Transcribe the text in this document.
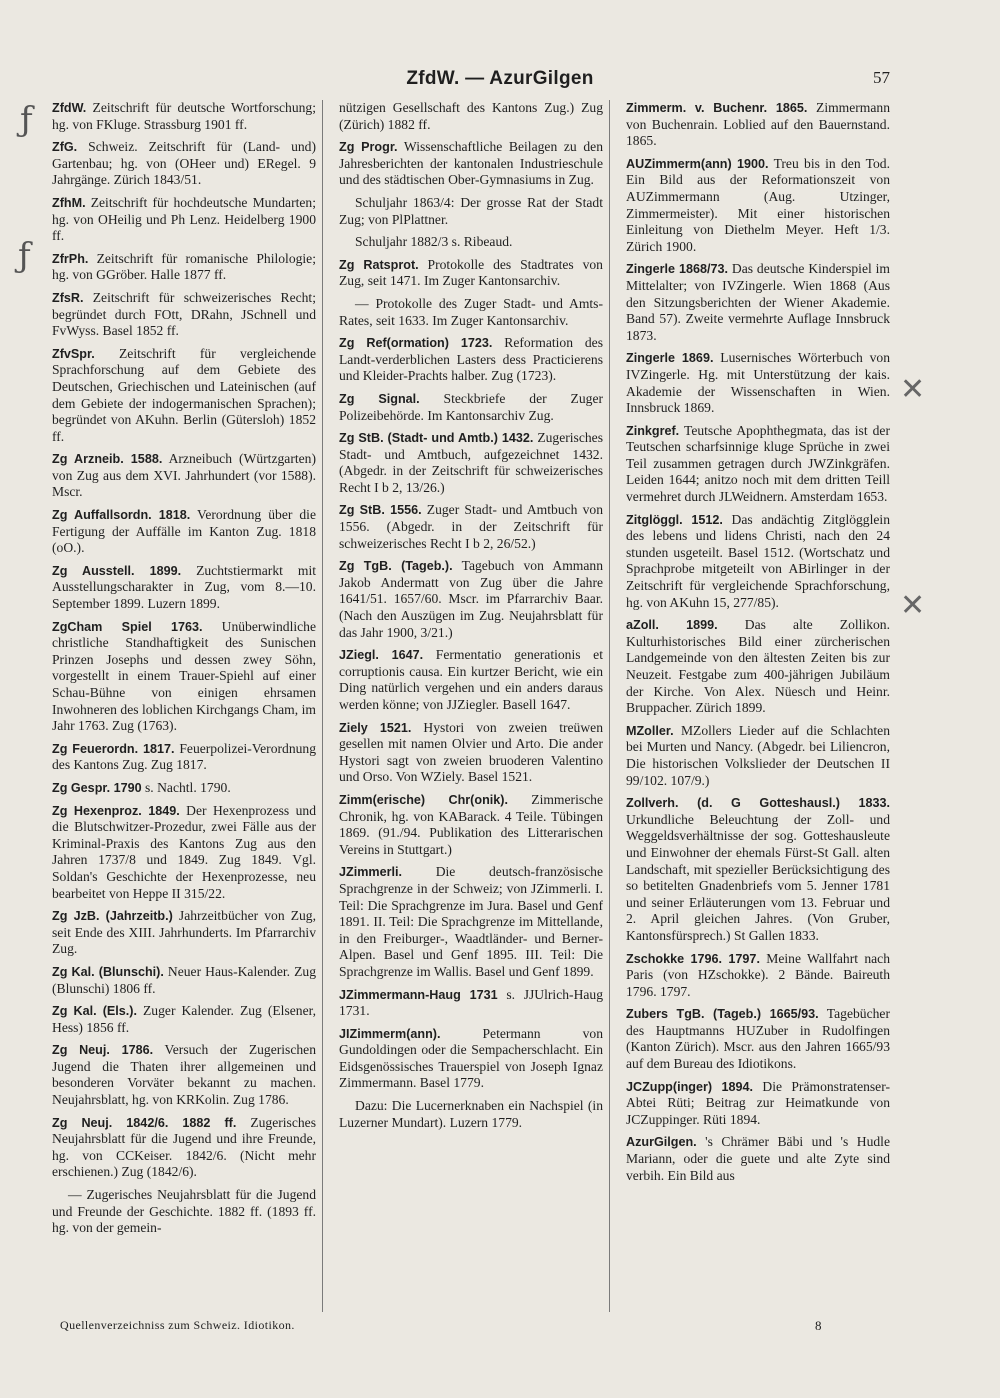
ZfdW. — AzurGilgen	57
ƒ
ƒ
✕
✕

ZfdW. Zeitschrift für deutsche Wortforschung; hg. von FKluge. Strassburg 1901 ff.

ZfG. Schweiz. Zeitschrift für (Land- und) Gartenbau; hg. von (OHeer und) ERegel. 9 Jahrgänge. Zürich 1843/51.

ZfhM. Zeitschrift für hochdeutsche Mundarten; hg. von OHeilig und Ph Lenz. Heidelberg 1900 ff.

ZfrPh. Zeitschrift für romanische Philologie; hg. von GGröber. Halle 1877 ff.

ZfsR. Zeitschrift für schweizerisches Recht; begründet durch FOtt, DRahn, JSchnell und FvWyss. Basel 1852 ff.

ZfvSpr. Zeitschrift für vergleichende Sprachforschung auf dem Gebiete des Deutschen, Griechischen und Lateinischen (auf dem Gebiete der indogermanischen Sprachen); begründet von AKuhn. Berlin (Gütersloh) 1852 ff.

Zg Arzneib. 1588. Arzneibuch (Würtzgarten) von Zug aus dem XVI. Jahrhundert (vor 1588). Mscr.

Zg Auffallsordn. 1818. Verordnung über die Fertigung der Auffälle im Kanton Zug. 1818 (oO.).

Zg Ausstell. 1899. Zuchtstiermarkt mit Ausstellungscharakter in Zug, vom 8.—10. September 1899. Luzern 1899.

ZgCham Spiel 1763. Unüberwindliche christliche Standhaftigkeit des Sunischen Prinzen Josephs und dessen zwey Söhn, vorgestellt in einem Trauer-Spiehl auf einer Schau-Bühne von einigen ehrsamen Inwohneren des loblichen Kirchgangs Cham, im Jahr 1763. Zug (1763).

Zg Feuerordn. 1817. Feuerpolizei-Verordnung des Kantons Zug. Zug 1817.

Zg Gespr. 1790 s. Nachtl. 1790.

Zg Hexenproz. 1849. Der Hexenprozess und die Blutschwitzer-Prozedur, zwei Fälle aus der Kriminal-Praxis des Kantons Zug aus den Jahren 1737/8 und 1849. Zug 1849. Vgl. Soldan's Geschichte der Hexenprozesse, neu bearbeitet von Heppe II 315/22.

Zg JzB. (Jahrzeitb.) Jahrzeitbücher von Zug, seit Ende des XIII. Jahrhunderts. Im Pfarrarchiv Zug.

Zg Kal. (Blunschi). Neuer Haus-Kalender. Zug (Blunschi) 1806 ff.

Zg Kal. (Els.). Zuger Kalender. Zug (Elsener, Hess) 1856 ff.

Zg Neuj. 1786. Versuch der Zugerischen Jugend die Thaten ihrer allgemeinen und besonderen Vorväter bekannt zu machen. Neujahrsblatt, hg. von KRKolin. Zug 1786.

Zg Neuj. 1842/6. 1882 ff. Zugerisches Neujahrsblatt für die Jugend und ihre Freunde, hg. von CCKeiser. 1842/6. (Nicht mehr erschienen.) Zug (1842/6).

— Zugerisches Neujahrsblatt für die Jugend und Freunde der Geschichte. 1882 ff. (1893 ff. hg. von der gemein-

nützigen Gesellschaft des Kantons Zug.) Zug (Zürich) 1882 ff.

Zg Progr. Wissenschaftliche Beilagen zu den Jahresberichten der kantonalen Industrieschule und des städtischen Ober-Gymnasiums in Zug.

Schuljahr 1863/4: Der grosse Rat der Stadt Zug; von PlPlattner.

Schuljahr 1882/3 s. Ribeaud.

Zg Ratsprot. Protokolle des Stadtrates von Zug, seit 1471. Im Zuger Kantonsarchiv.

— Protokolle des Zuger Stadt- und Amts-Rates, seit 1633. Im Zuger Kantonsarchiv.

Zg Ref(ormation) 1723. Reformation des Landt-verderblichen Lasters dess Practicierens und Kleider-Prachts halber. Zug (1723).

Zg Signal. Steckbriefe der Zuger Polizeibehörde. Im Kantonsarchiv Zug.

Zg StB. (Stadt- und Amtb.) 1432. Zugerisches Stadt- und Amtbuch, aufgezeichnet 1432. (Abgedr. in der Zeitschrift für schweizerisches Recht I b 2, 13/26.)

Zg StB. 1556. Zuger Stadt- und Amtbuch von 1556. (Abgedr. in der Zeitschrift für schweizerisches Recht I b 2, 26/52.)

Zg TgB. (Tageb.). Tagebuch von Ammann Jakob Andermatt von Zug über die Jahre 1641/51. 1657/60. Mscr. im Pfarrarchiv Baar. (Nach den Auszügen im Zug. Neujahrsblatt für das Jahr 1900, 3/21.)

JZiegl. 1647. Fermentatio generationis et corruptionis causa. Ein kurtzer Bericht, wie ein Ding natürlich vergehen und ein anders daraus werden könne; von JJZiegler. Basell 1647.

Ziely 1521. Hystori von zweien treüwen gesellen mit namen Olvier und Arto. Die ander Hystori sagt von zweien bruoderen Valentino und Orso. Von WZiely. Basel 1521.

Zimm(erische) Chr(onik). Zimmerische Chronik, hg. von KABarack. 4 Teile. Tübingen 1869. (91./94. Publikation des Litterarischen Vereins in Stuttgart.)

JZimmerli. Die deutsch-französische Sprachgrenze in der Schweiz; von JZimmerli. I. Teil: Die Sprachgrenze im Jura. Basel und Genf 1891. II. Teil: Die Sprachgrenze im Mittellande, in den Freiburger-, Waadtländer- und Berner-Alpen. Basel und Genf 1895. III. Teil: Die Sprachgrenze im Wallis. Basel und Genf 1899.

JZimmermann-Haug 1731 s. JJUlrich-Haug 1731.

JIZimmerm(ann). Petermann von Gundoldingen oder die Sempacherschlacht. Ein Eidsgenössisches Trauerspiel von Joseph Ignaz Zimmermann. Basel 1779.

Dazu: Die Lucernerknaben ein Nachspiel (in Luzerner Mundart). Luzern 1779.

Zimmerm. v. Buchenr. 1865. Zimmermann von Buchenrain. Loblied auf den Bauernstand. 1865.

AUZimmerm(ann) 1900. Treu bis in den Tod. Ein Bild aus der Reformationszeit von AUZimmermann (Aug. Utzinger, Zimmermeister). Mit einer historischen Einleitung von Diethelm Meyer. Heft 1/3. Zürich 1900.

Zingerle 1868/73. Das deutsche Kinderspiel im Mittelalter; von IVZingerle. Wien 1868 (Aus den Sitzungsberichten der Wiener Akademie. Band 57). Zweite vermehrte Auflage Innsbruck 1873.

Zingerle 1869. Lusernisches Wörterbuch von IVZingerle. Hg. mit Unterstützung der kais. Akademie der Wissenschaften in Wien. Innsbruck 1869.

Zinkgref. Teutsche Apophthegmata, das ist der Teutschen scharfsinnige kluge Sprüche in zwei Teil zusammen getragen durch JWZinkgräfen. Leiden 1644; anitzo noch mit dem dritten Teill vermehret durch JLWeidnern. Amsterdam 1653.

Zitglöggl. 1512. Das andächtig Zitglögglein des lebens und lidens Christi, nach den 24 stunden usgeteilt. Basel 1512. (Wortschatz und Sprachprobe mitgeteilt von ABirlinger in der Zeitschrift für vergleichende Sprachforschung, hg. von AKuhn 15, 277/85).

aZoll. 1899. Das alte Zollikon. Kulturhistorisches Bild einer zürcherischen Landgemeinde von den ältesten Zeiten bis zur Neuzeit. Festgabe zum 400-jährigen Jubiläum der Kirche. Von Alex. Nüesch und Heinr. Bruppacher. Zürich 1899.

MZoller. MZollers Lieder auf die Schlachten bei Murten und Nancy. (Abgedr. bei Liliencron, Die historischen Volkslieder der Deutschen II 99/102. 107/9.)

Zollverh. (d. G Gotteshausl.) 1833. Urkundliche Beleuchtung der Zoll- und Weggeldsverhältnisse der sog. Gotteshausleute und Einwohner der ehemals Fürst-St Gall. alten Landschaft, mit spezieller Berücksichtigung des so betitelten Gnadenbriefs vom 5. Jenner 1781 und seiner Erläuterungen vom 13. Februar und 2. April gleichen Jahres. (Von Gruber, Kantonsfürsprech.) St Gallen 1833.

Zschokke 1796. 1797. Meine Wallfahrt nach Paris (von HZschokke). 2 Bände. Baireuth 1796. 1797.

Zubers TgB. (Tageb.) 1665/93. Tagebücher des Hauptmanns HUZuber in Rudolfingen (Kanton Zürich). Mscr. aus den Jahren 1665/93 auf dem Bureau des Idiotikons.

JCZupp(inger) 1894. Die Prämonstratenser-Abtei Rüti; Beitrag zur Heimatkunde von JCZuppinger. Rüti 1894.

AzurGilgen. 's Chrämer Bäbi und 's Hudle Mariann, oder die guete und alte Zyte sind verbih. Ein Bild aus

Quellenverzeichniss zum Schweiz. Idiotikon.	8
